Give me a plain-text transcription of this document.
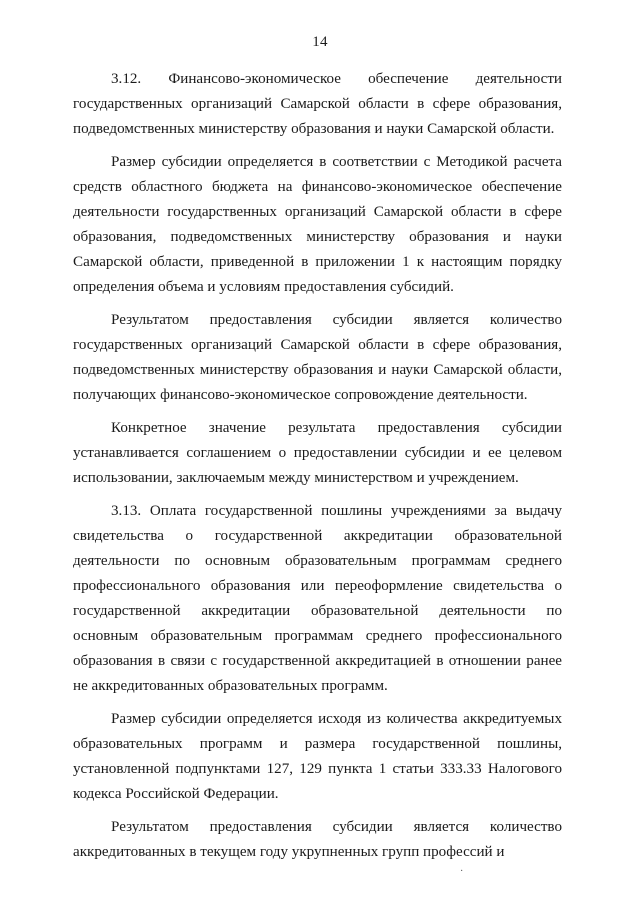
14

3.12. Финансово-экономическое обеспечение деятельности государственных организаций Самарской области в сфере образования, подведомственных министерству образования и науки Самарской области.

Размер субсидии определяется в соответствии с Методикой расчета средств областного бюджета на финансово-экономическое обеспечение деятельности государственных организаций Самарской области в сфере образования, подведомственных министерству образования и науки Самарской области, приведенной в приложении 1 к настоящим порядку определения объема и условиям предоставления субсидий.

Результатом предоставления субсидии является количество государственных организаций Самарской области в сфере образования, подведомственных министерству образования и науки Самарской области, получающих финансово-экономическое сопровождение деятельности.

Конкретное значение результата предоставления субсидии устанавливается соглашением о предоставлении субсидии и ее целевом использовании, заключаемым между министерством и учреждением.

3.13. Оплата государственной пошлины учреждениями за выдачу свидетельства о государственной аккредитации образовательной деятельности по основным образовательным программам среднего профессионального образования или переоформление свидетельства о государственной аккредитации образовательной деятельности по основным образовательным программам среднего профессионального образования в связи с государственной аккредитацией в отношении ранее не аккредитованных образовательных программ.

Размер субсидии определяется исходя из количества аккредитуемых образовательных программ и размера государственной пошлины, установленной подпунктами 127, 129 пункта 1 статьи 333.33 Налогового кодекса Российской Федерации.

Результатом предоставления субсидии является количество аккредитованных в текущем году укрупненных групп профессий и

·
